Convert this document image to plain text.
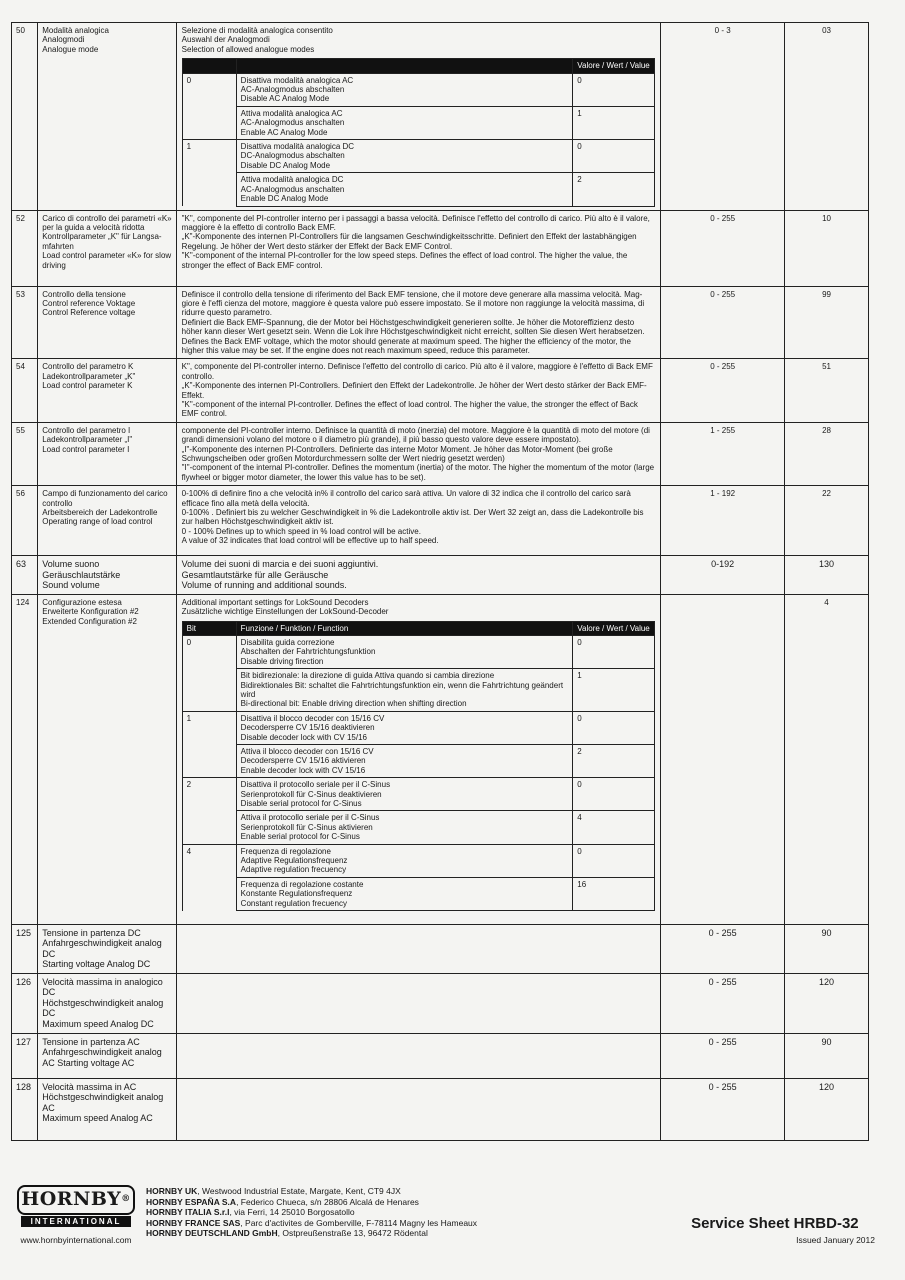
50	Modalità analogica
Analogmodi
Analogue mode

Selezione di modalità analogica consentito
Auswahl der Analogmodi
Selection of allowed analogue modes
		Valore / Wert / Value
0	Disattiva modalità analogica AC
AC-Analogmodus abschalten
Disable AC Analog Mode
	0

Attiva modalità analogica AC
AC-Analogmodus anschalten
Enable AC Analog Mode
	1
1	Disattiva modalità analogica DC
DC-Analogmodus abschalten
Disable DC Analog Mode
	0

Attiva modalità analogica DC
AC-Analogmodus anschalten
Enable DC Analog Mode
	2
	0 - 3	03
52	Carico di controllo dei parametri «K» per la guida a velocità ridotta
Kontrollparameter „K" für Langsa-mfahrten
Load control parameter «K» for slow driving

"K", componente del PI-controller interno per i passaggi a bassa velocità. Definisce l'effetto del controllo di carico. Più alto è il valore, maggiore è la effetto di controllo Back EMF.
„K"-Komponente des internen PI-Controllers für die langsamen Geschwindigkeitsschritte. Definiert den Effekt der lastabhängigen Regelung. Je höher der Wert desto stärker der Effekt der Back EMF Control.
"K"-component of the internal PI-controller for the low speed steps. Defines the effect of load control. The higher the value, the stronger the effect of Back EMF control.
	0 - 255	10
53	Controllo della tensione
Control reference Voktage
Control Reference voltage

Definisce il controllo della tensione di riferimento del Back EMF tensione, che il motore deve generare alla massima velocità. Mag-giore è l'effi cienza del motore, maggiore è questa valore può essere impostato. Se il motore non raggiunge la velocità massima, di ridurre questo parametro.
Definiert die Back EMF-Spannung, die der Motor bei Höchstgeschwindigkeit generieren sollte. Je höher die Motoreffizienz desto höher kann dieser Wert gesetzt sein. Wenn die Lok ihre Höchstgeschwindigkeit nicht erreicht, sollten Sie diesen Wert herabsetzen.
Defines the Back EMF voltage, which the motor should generate at maximum speed. The higher the efficiency of the motor, the higher this value may be set. If the engine does not reach maximum speed, reduce this parameter.
	0 - 255	99
54	Controllo del parametro K
Ladekontrollparameter „K"
Load control parameter K

K", componente del PI-controller interno. Definisce l'effetto del controllo di carico. Più alto è il valore, maggiore è l'effetto di Back EMF controllo.
„K"-Komponente des internen PI-Controllers. Definiert den Effekt der Ladekontrolle. Je höher der Wert desto stärker der Back EMF-Effekt.
"K"-component of the internal PI-controller. Defines the effect of load control. The higher the value, the stronger the effect of Back EMF control.
	0 - 255	51
55	Controllo del parametro I
Ladekontrollparameter „I"
Load control parameter I

componente del PI-controller interno. Definisce la quantità di moto (inerzia) del motore. Maggiore è la quantità di moto del motore (di grandi dimensioni volano del motore o il diametro più grande), il più basso questo valore deve essere impostato).
„I"-Komponente des internen PI-Controllers. Definierte das interne Motor Moment. Je höher das Motor-Moment (bei große Schwungscheiben oder großen Motordurchmessern sollte der Wert niedrig gesetzt werden)
"I"-component of the internal PI-controller. Defines the momentum (inertia) of the motor. The higher the momentum of the motor (large flywheel or bigger motor diameter, the lower this value has to be set).
	1 - 255	28
56	Campo di funzionamento del carico controllo
Arbeitsbereich der Ladekontrolle
Operating range of load control

0-100% di definire fino a che velocità in% il controllo del carico sarà attiva. Un valore di 32 indica che il controllo del carico sarà efficace fino alla metà della velocità.
0-100% . Definiert bis zu welcher Geschwindigkeit in % die Ladekontrolle aktiv ist. Der Wert 32 zeigt an, dass die Ladekontrolle bis zur halben Höchstgeschwindigkeit aktiv ist.
0 - 100% Defines up to which speed in % load control will be active.
A value of 32 indicates that load control will be effective up to half speed.
	1 - 192	22
63	Volume suono
Geräuschlautstärke
Sound volume

Volume dei suoni di marcia e dei suoni aggiuntivi.
Gesamtlautstärke für alle Geräusche
Volume of running and additional sounds.
	0-192	130
124	Configurazione estesa
Erweiterte Konfiguration #2
Extended Configuration #2

Additional important settings for LokSound Decoders
Zusätzliche wichtige Einstellungen der LokSound-Decoder
Bit	Funzione / Funktion / Function	Valore / Wert / Value
0	Disabilita guida correzione
Abschalten der Fahrtrichtungsfunktion
Disable driving firection
	0

Bit bidirezionale: la direzione di guida Attiva quando si cambia direzione
Bidirektionales Bit: schaltet die Fahrtrichtungsfunktion ein, wenn die Fahrtrichtung geändert wird
Bi-directional bit: Enable driving direction when shifting direction
	1
1	Disattiva il blocco decoder con 15/16 CV
Decodersperre CV 15/16 deaktivieren
Disable decoder lock with CV 15/16
	0

Attiva il blocco decoder con 15/16 CV
Decodersperre CV 15/16 aktivieren
Enable decoder lock with CV 15/16
	2
2	Disattiva il protocollo seriale per il C-Sinus
Serienprotokoll für C-Sinus deaktivieren
Disable serial protocol for C-Sinus
	0

Attiva il protocollo seriale per il C-Sinus
Serienprotokoll für C-Sinus aktivieren
Enable serial protocol for C-Sinus
	4
4	Frequenza di regolazione
Adaptive Regulationsfrequenz
Adaptive regulation frecuency
	0

Frequenza di regolazione costante
Konstante Regulationsfrequenz
Constant regulation frecuency
	16
		4
125	Tensione in partenza DC
Anfahrgeschwindigkeit analog DC
Starting voltage Analog DC
		0 - 255	90
126	Velocità massima in analogico DC
Höchstgeschwindigkeit analog DC
Maximum speed Analog DC
		0 - 255	120
127	Tensione in partenza AC
Anfahrgeschwindigkeit analog AC Starting voltage AC
		0 - 255	90
128	Velocità massima in AC
Höchstgeschwindigkeit analog AC
Maximum speed Analog AC
		0 - 255	120
HORNBY®
INTERNATIONAL
www.hornbyinternational.com
HORNBY UK, Westwood Industrial Estate, Margate, Kent, CT9 4JX
HORNBY ESPAÑA S.A, Federico Chueca, s/n 28806 Alcalá de Henares
HORNBY ITALIA S.r.l, via Ferri, 14 25010 Borgosatollo
HORNBY FRANCE SAS, Parc d'activites de Gomberville, F-78114 Magny les Hameaux
HORNBY DEUTSCHLAND GmbH, Ostpreußenstraße 13, 96472 Rödental
Service Sheet HRBD-32
Issued January 2012
